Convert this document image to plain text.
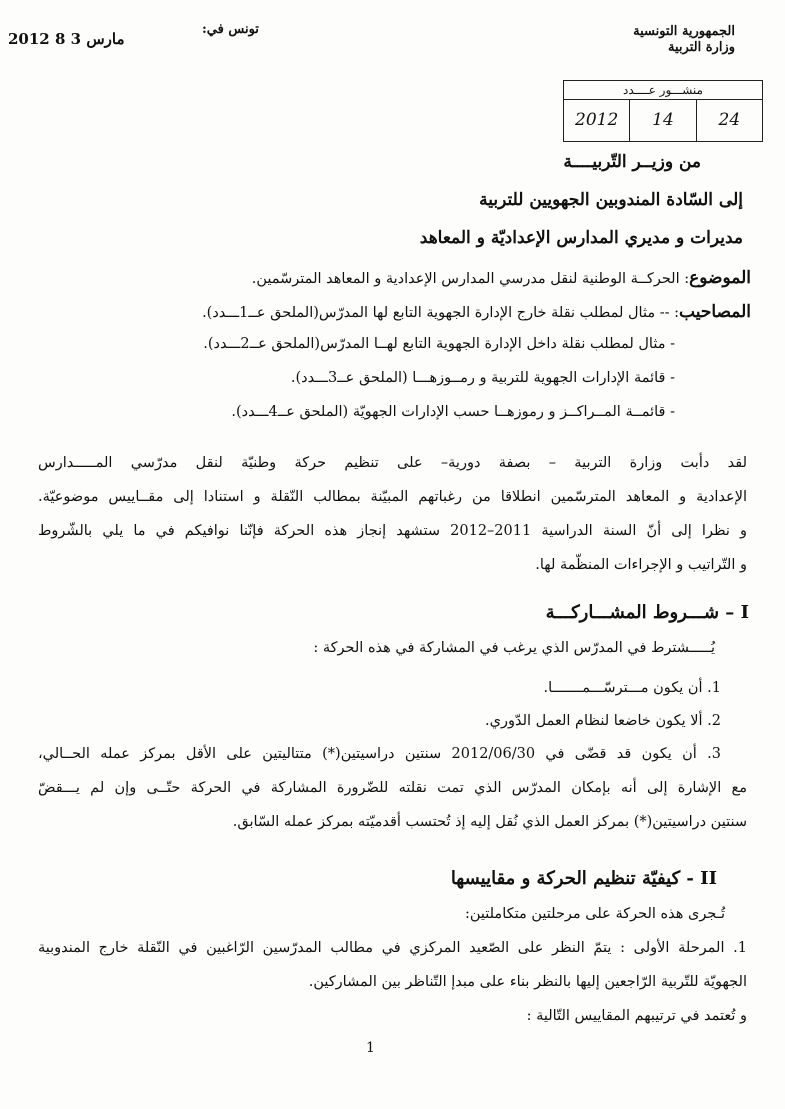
2012 مارس 3 8
تونس في:	الجمهورية التونسية
وزارة التربية
منشـــور عــــدد
2012	14	24
من وزيــر التّربيــــة
إلى السّادة المندوبين الجهويين للتربية
مديرات و مديري المدارس الإعداديّة و المعاهد
الموضوع: الحركــة الوطنية لنقل مدرسي المدارس الإعدادية و المعاهد المترسّمين.
المصاحيب: -- مثال لمطلب نقلة خارج الإدارة الجهوية التابع لها المدرّس(الملحق عــ1ـــدد).
- مثال لمطلب نقلة داخل الإدارة الجهوية التابع لهــا المدرّس(الملحق عــ2ـــدد).
- قائمة الإدارات الجهوية للتربية و رمــوزهـــا (الملحق عــ3ـــدد).
- قائمــة المــراكــز و رموزهــا حسب الإدارات الجهويّة (الملحق عــ4ـــدد).
لقد دأبت وزارة التربية – بصفة دورية– على تنظيم حركة وطنيّة لنقل مدرّسي المـــــدارس
الإعدادية و المعاهد المترسّمين انطلاقا من رغباتهم المبيّنة بمطالب النّقلة و استنادا إلى مقــاييس موضوعيّة.
و نظرا إلى أنّ السنة الدراسية 2011–2012 ستشهد إنجاز هذه الحركة فإنّنا نوافيكم في ما يلي بالشّروط
و التّراتيب و الإجراءات المنظّمة لها.
I – شـــروط المشـــاركـــة
يُـــــشترط في المدرّس الذي يرغب في المشاركة في هذه الحركة :
1. أن يكون مـــترسّـــمـــــــا.
2. ألا يكون خاضعا لنظام العمل الدّوري.
3. أن يكون قد قضّى في 2012/06/30 سنتين دراسيتين(*) متتاليتين على الأقل بمركز عمله الحــالي،
مع الإشارة إلى أنه بإمكان المدرّس الذي تمت نقلته للضّرورة المشاركة في الحركة حتّــى وإن لم يـــقضّ
سنتين دراسيتين(*) بمركز العمل الذي نُقل إليه إذ تُحتسب أقدميّته بمركز عمله السّابق.
II - كيفيّة تنظيم الحركة و مقاييسها
تُـجرى هذه الحركة على مرحلتين متكاملتين:
1. المرحلة الأولى : يتمّ النظر على الصّعيد المركزي في مطالب المدرّسين الرّاغبين في النّقلة خارج المندوبية
الجهويّة للتّربية الرّاجعين إليها بالنظر بناء على مبدإ التّناظر بين المشاركين.
و تُعتمد في ترتيبهم المقاييس التّالية :
1
